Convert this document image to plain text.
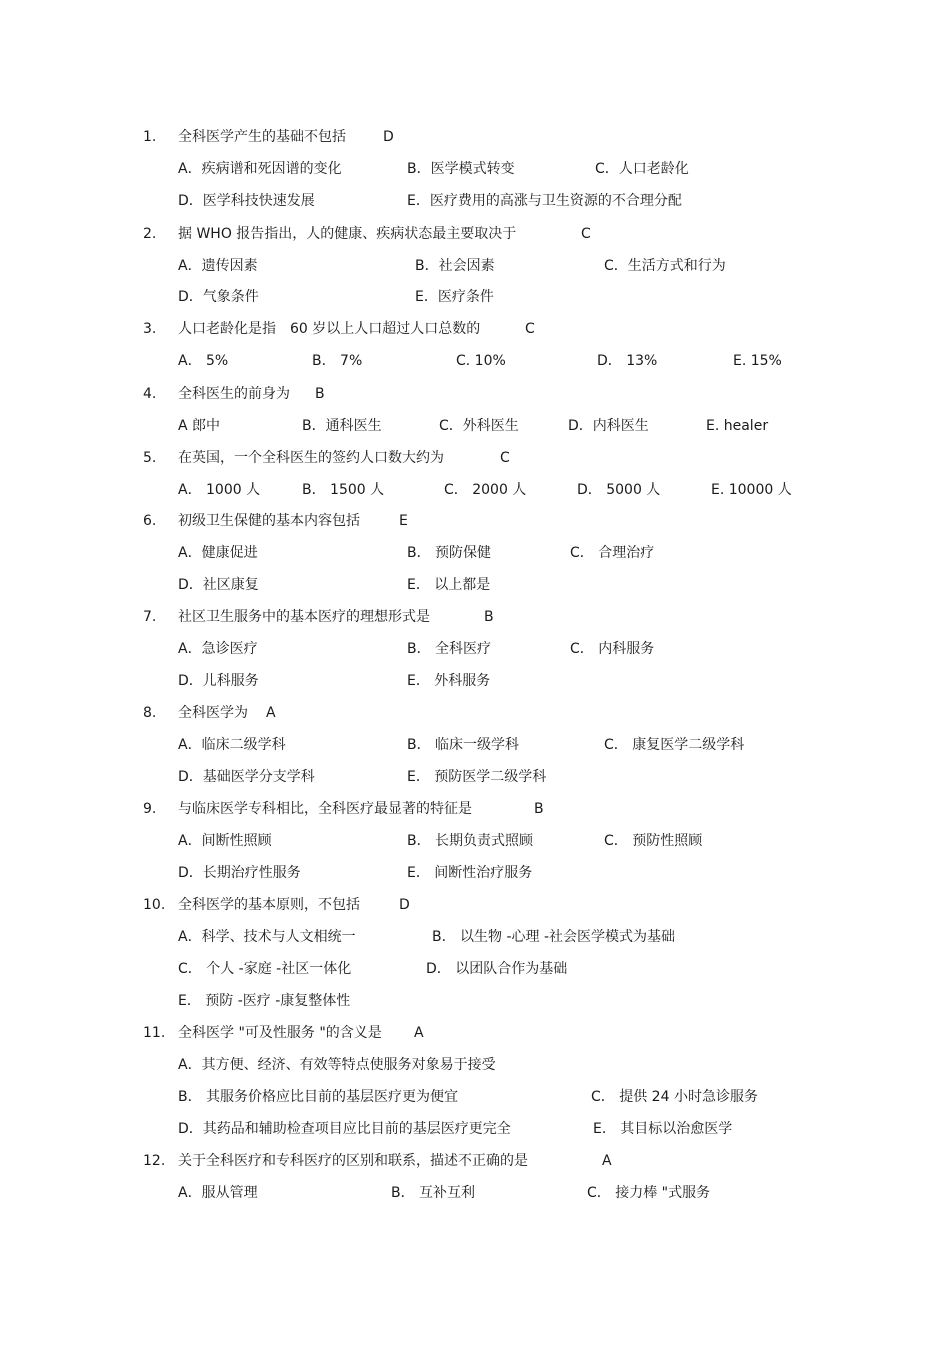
1. 全科医学产生的基础不包括	D
A．疾病谱和死因谱的变化	B．医学模式转变	C．人口老龄化
D．医学科技快速发展	E．医疗费用的高涨与卫生资源的不合理分配
2. 据 WHO 报告指出，人的健康、疾病状态最主要取决于	C
A．遗传因素	B．社会因素	C．生活方式和行为
D．气象条件	E．医疗条件
3. 人口老龄化是指　60 岁以上人口超过人口总数的	C
A． 5%	B． 7%	C. 10%	D． 13%	E. 15%
4. 全科医生的前身为 B
A 郎中	B．通科医生	C．外科医生	D．内科医生	E. healer
5. 在英国，一个全科医生的签约人口数大约为	C
A． 1000 人	B． 1500 人	C． 2000 人	D． 5000 人	E. 10000 人
6. 初级卫生保健的基本内容包括	E
A．健康促进	B． 预防保健	C． 合理治疗
D．社区康复	E． 以上都是
7. 社区卫生服务中的基本医疗的理想形式是	B
A．急诊医疗	B． 全科医疗	C． 内科服务
D．儿科服务	E． 外科服务
8. 全科医学为 A
A．临床二级学科	B． 临床一级学科	C． 康复医学二级学科
D．基础医学分支学科	E． 预防医学二级学科
9. 与临床医学专科相比，全科医疗最显著的特征是	B
A．间断性照顾	B． 长期负责式照顾	C． 预防性照顾
D．长期治疗性服务	E． 间断性治疗服务
10. 全科医学的基本原则，不包括	D
A．科学、技术与人文相统一	B． 以生物 -心理 -社会医学模式为基础
C． 个人 -家庭 -社区一体化	D． 以团队合作为基础
E． 预防 -医疗 -康复整体性
11. 全科医学 "可及性服务 "的含义是 A
A．其方便、经济、有效等特点使服务对象易于接受
B． 其服务价格应比目前的基层医疗更为便宜	C． 提供 24 小时急诊服务
D．其药品和辅助检查项目应比目前的基层医疗更完全	E． 其目标以治愈医学
12. 关于全科医疗和专科医疗的区别和联系，描述不正确的是	A
A．服从管理	B． 互补互利	C． 接力棒 "式服务
